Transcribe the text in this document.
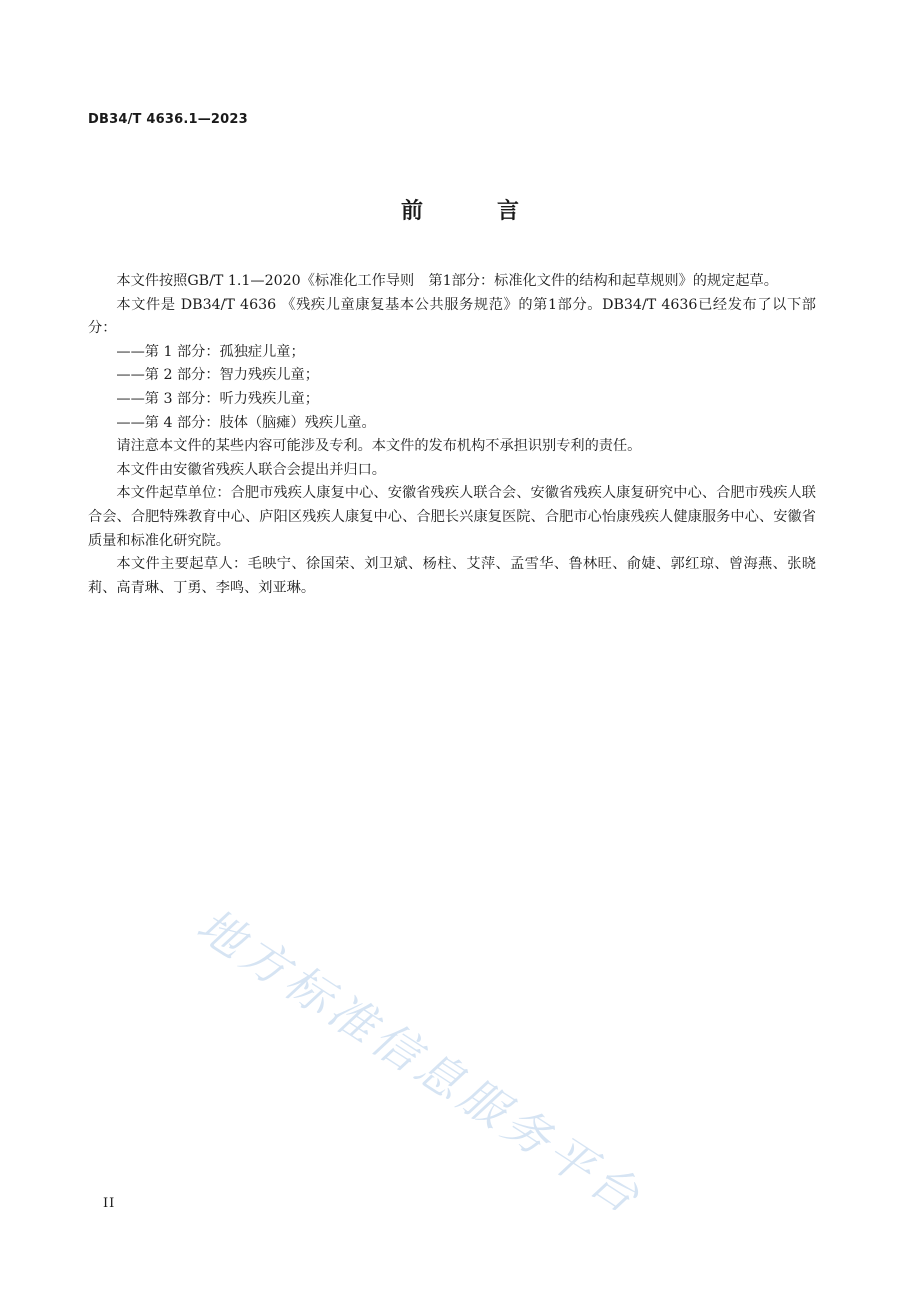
DB34/T 4636.1—2023
前　言

本文件按照GB/T 1.1—2020《标准化工作导则　第1部分：标准化文件的结构和起草规则》的规定起草。

本文件是 DB34/T 4636 《残疾儿童康复基本公共服务规范》的第1部分。DB34/T 4636已经发布了以下部分：

——第 1 部分：孤独症儿童；

——第 2 部分：智力残疾儿童；

——第 3 部分：听力残疾儿童；

——第 4 部分：肢体（脑瘫）残疾儿童。

请注意本文件的某些内容可能涉及专利。本文件的发布机构不承担识别专利的责任。

本文件由安徽省残疾人联合会提出并归口。

本文件起草单位：合肥市残疾人康复中心、安徽省残疾人联合会、安徽省残疾人康复研究中心、合肥市残疾人联合会、合肥特殊教育中心、庐阳区残疾人康复中心、合肥长兴康复医院、合肥市心怡康残疾人健康服务中心、安徽省质量和标准化研究院。

本文件主要起草人：毛映宁、徐国荣、刘卫斌、杨柱、艾萍、孟雪华、鲁林旺、俞婕、郭红琼、曾海燕、张晓莉、高青琳、丁勇、李鸣、刘亚琳。

地方标准信息服务平台
II
